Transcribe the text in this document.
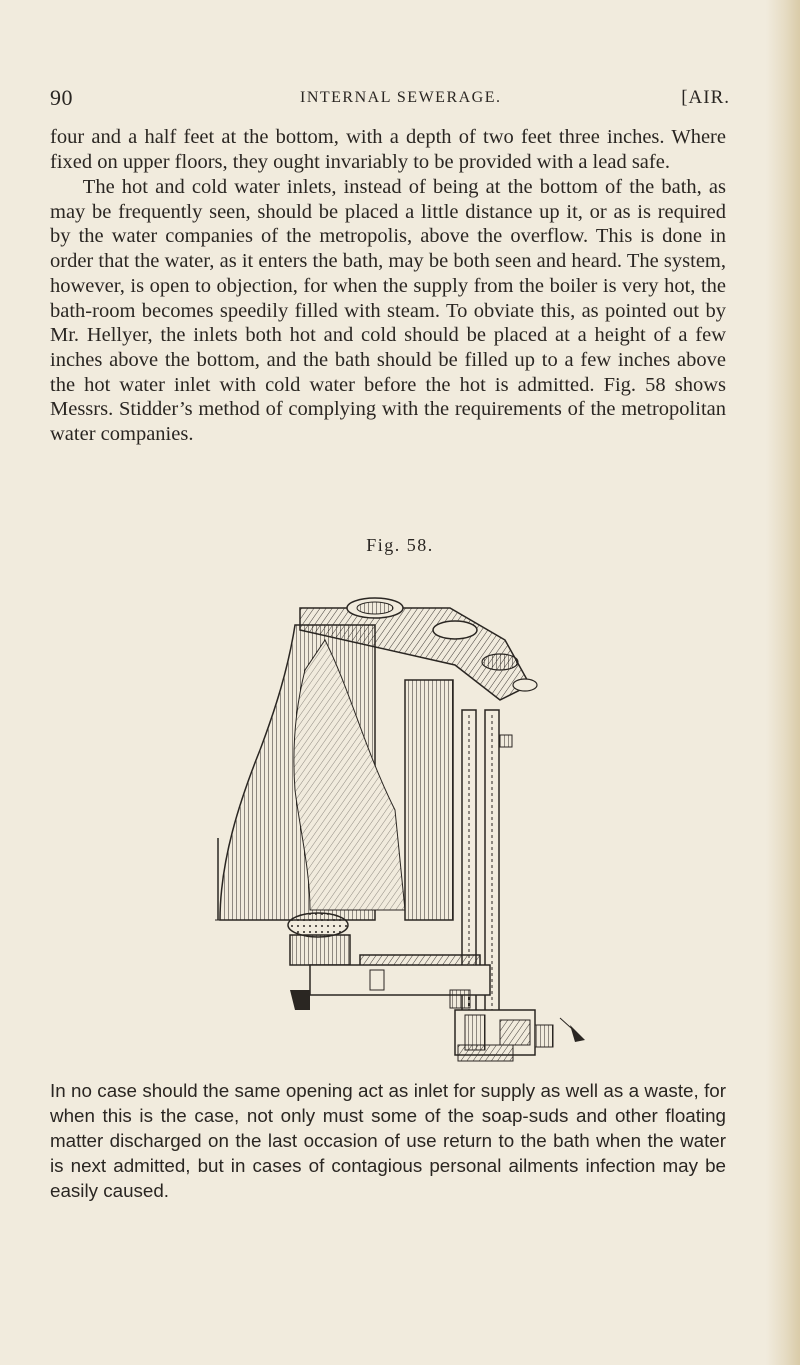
90	INTERNAL SEWERAGE.	[AIR.

four and a half feet at the bottom, with a depth of two feet three inches. Where fixed on upper floors, they ought invariably to be provided with a lead safe.

The hot and cold water inlets, instead of being at the bottom of the bath, as may be frequently seen, should be placed a little distance up it, or as is required by the water companies of the metropolis, above the overflow. This is done in order that the water, as it enters the bath, may be both seen and heard. The system, however, is open to objection, for when the supply from the boiler is very hot, the bath-room becomes speedily filled with steam. To obviate this, as pointed out by Mr. Hellyer, the inlets both hot and cold should be placed at a height of a few inches above the bottom, and the bath should be filled up to a few inches above the hot water inlet with cold water before the hot is admitted. Fig. 58 shows Messrs. Stidder’s method of complying with the requirements of the metropolitan water companies.

Fig. 58.

In no case should the same opening act as inlet for supply as well as a waste, for when this is the case, not only must some of the soap-suds and other floating matter discharged on the last occasion of use return to the bath when the water is next admitted, but in cases of contagious personal ailments infection may be easily caused.
